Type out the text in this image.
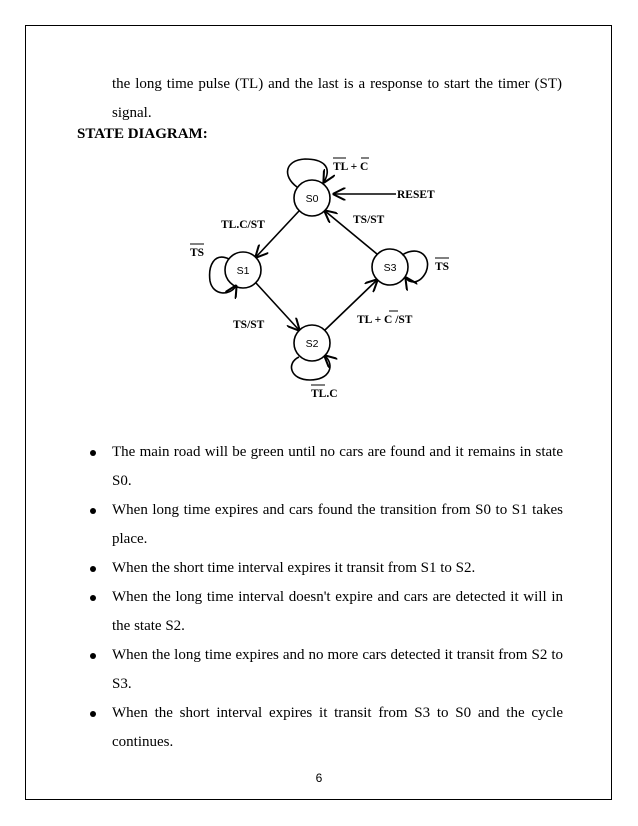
the long time pulse (TL) and the last is a response to start the timer (ST) signal.

STATE DIAGRAM:

S0
S1
S2
S3
TL + C
RESET
TL.C/ST	TS/ST
TS
TS
TS/ST	TL + C /ST
TL.C
The main road will be green until no cars are found and it remains in state S0.
When long time expires and cars found the transition from S0 to S1 takes place.
When the short time interval expires it transit from S1 to S2.
When the long time interval doesn't expire and cars are detected it will in the state S2.
When the long time expires and no more cars detected it transit from S2 to S3.
When the short interval expires it transit from S3 to S0 and the cycle continues.
6
